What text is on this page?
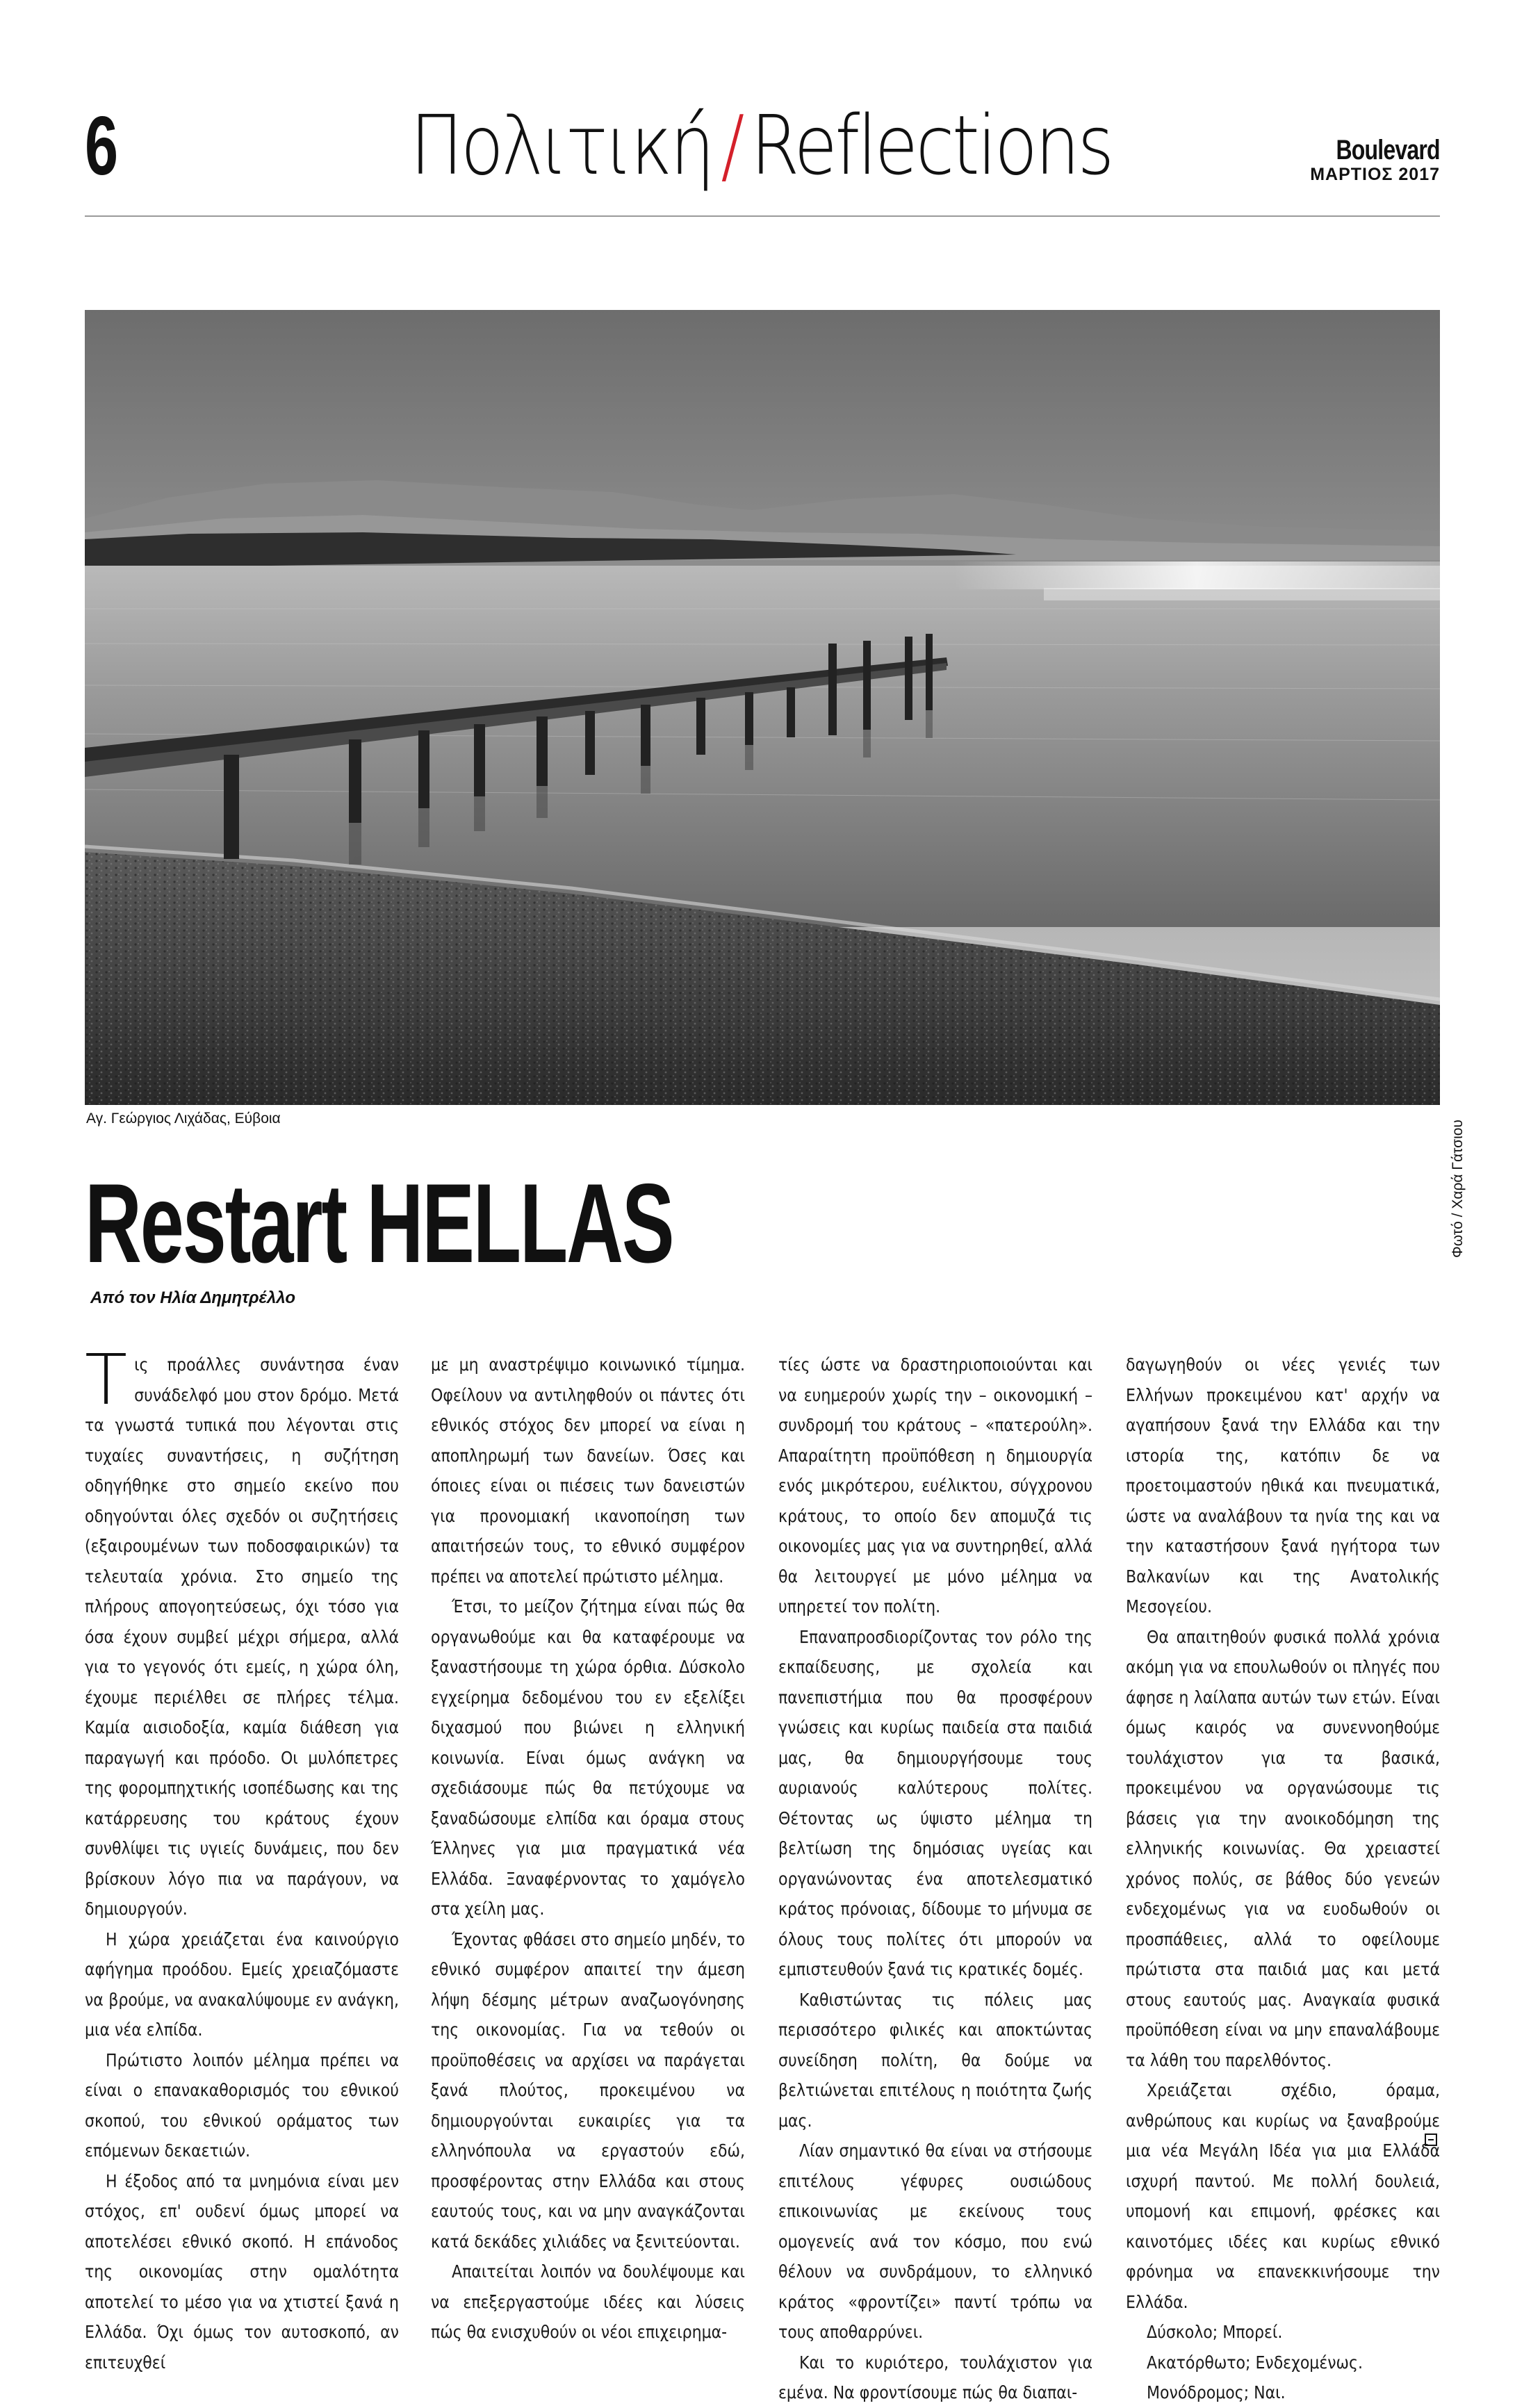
6	Πολιτική / Reflections	Boulevard
ΜΑΡΤΙΟΣ 2017
Αγ. Γεώργιος Λιχάδας, Εύβοια
Φωτό / Χαρά Γάτσιου
Restart HELLAS
Από τον Ηλία Δημητρέλλο

Τις προάλλες συνάντησα έναν συνάδελφό μου στον δρόμο. Μετά τα γνωστά τυπικά που λέγονται στις τυχαίες συναντήσεις, η συζήτηση οδηγήθηκε στο σημείο εκείνο που οδηγούνται όλες σχεδόν οι συζητήσεις (εξαιρουμένων των ποδοσφαιρικών) τα τελευταία χρόνια. Στο σημείο της πλήρους απογοητεύσεως, όχι τόσο για όσα έχουν συμβεί μέχρι σήμερα, αλλά για το γεγονός ότι εμείς, η χώρα όλη, έχουμε περιέλθει σε πλήρες τέλμα. Καμία αισιοδοξία, καμία διάθεση για παραγωγή και πρόοδο. Οι μυλόπετρες της φορομπηχτικής ισοπέδωσης και της κατάρρευσης του κράτους έχουν συνθλίψει τις υγιείς δυνάμεις, που δεν βρίσκουν λόγο πια να παράγουν, να δημιουργούν.

Η χώρα χρειάζεται ένα καινούργιο αφήγημα προόδου. Εμείς χρειαζόμαστε να βρούμε, να ανακαλύψουμε εν ανάγκη, μια νέα ελπίδα.

Πρώτιστο λοιπόν μέλημα πρέπει να είναι ο επανακαθορισμός του εθνικού σκοπού, του εθνικού οράματος των επόμενων δεκαετιών.

Η έξοδος από τα μνημόνια είναι μεν στόχος, επ' ουδενί όμως μπορεί να αποτελέσει εθνικό σκοπό. Η επάνοδος της οικονομίας στην ομαλότητα αποτελεί το μέσο για να χτιστεί ξανά η Ελλάδα. Όχι όμως τον αυτοσκοπό, αν επιτευχθεί

με μη αναστρέψιμο κοινωνικό τίμημα. Οφείλουν να αντιληφθούν οι πάντες ότι εθνικός στόχος δεν μπορεί να είναι η αποπληρωμή των δανείων. Όσες και όποιες είναι οι πιέσεις των δανειστών για προνομιακή ικανοποίηση των απαιτήσεών τους, το εθνικό συμφέρον πρέπει να αποτελεί πρώτιστο μέλημα.

Έτσι, το μείζον ζήτημα είναι πώς θα οργανωθούμε και θα καταφέρουμε να ξαναστήσουμε τη χώρα όρθια. Δύσκολο εγχείρημα δεδομένου του εν εξελίξει διχασμού που βιώνει η ελληνική κοινωνία. Είναι όμως ανάγκη να σχεδιάσουμε πώς θα πετύχουμε να ξαναδώσουμε ελπίδα και όραμα στους Έλληνες για μια πραγματικά νέα Ελλάδα. Ξαναφέρνοντας το χαμόγελο στα χείλη μας.

Έχοντας φθάσει στο σημείο μηδέν, το εθνικό συμφέρον απαιτεί την άμεση λήψη δέσμης μέτρων αναζωογόνησης της οικονομίας. Για να τεθούν οι προϋποθέσεις να αρχίσει να παράγεται ξανά πλούτος, προκειμένου να δημιουργούνται ευκαιρίες για τα ελληνόπουλα να εργαστούν εδώ, προσφέροντας στην Ελλάδα και στους εαυτούς τους, και να μην αναγκάζονται κατά δεκάδες χιλιάδες να ξενιτεύονται.

Απαιτείται λοιπόν να δουλέψουμε και να επεξεργαστούμε ιδέες και λύσεις πώς θα ενισχυθούν οι νέοι επιχειρημα-

τίες ώστε να δραστηριοποιούνται και να ευημερούν χωρίς την – οικονομική – συνδρομή του κράτους – «πατερούλη». Απαραίτητη προϋπόθεση η δημιουργία ενός μικρότερου, ευέλικτου, σύγχρονου κράτους, το οποίο δεν απομυζά τις οικονομίες μας για να συντηρηθεί, αλλά θα λειτουργεί με μόνο μέλημα να υπηρετεί τον πολίτη.

Επαναπροσδιορίζοντας τον ρόλο της εκπαίδευσης, με σχολεία και πανεπιστήμια που θα προσφέρουν γνώσεις και κυρίως παιδεία στα παιδιά μας, θα δημιουργήσουμε τους αυριανούς καλύτερους πολίτες. Θέτοντας ως ύψιστο μέλημα τη βελτίωση της δημόσιας υγείας και οργανώνοντας ένα αποτελεσματικό κράτος πρόνοιας, δίδουμε το μήνυμα σε όλους τους πολίτες ότι μπορούν να εμπιστευθούν ξανά τις κρατικές δομές.

Καθιστώντας τις πόλεις μας περισσότερο φιλικές και αποκτώντας συνείδηση πολίτη, θα δούμε να βελτιώνεται επιτέλους η ποιότητα ζωής μας.

Λίαν σημαντικό θα είναι να στήσουμε επιτέλους γέφυρες ουσιώδους επικοινωνίας με εκείνους τους ομογενείς ανά τον κόσμο, που ενώ θέλουν να συνδράμουν, το ελληνικό κράτος «φροντίζει» παντί τρόπω να τους αποθαρρύνει.

Και το κυριότερο, τουλάχιστον για εμένα. Να φροντίσουμε πώς θα διαπαι-

δαγωγηθούν οι νέες γενιές των Ελλήνων προκειμένου κατ' αρχήν να αγαπήσουν ξανά την Ελλάδα και την ιστορία της, κατόπιν δε να προετοιμαστούν ηθικά και πνευματικά, ώστε να αναλάβουν τα ηνία της και να την καταστήσουν ξανά ηγήτορα των Βαλκανίων και της Ανατολικής Μεσογείου.

Θα απαιτηθούν φυσικά πολλά χρόνια ακόμη για να επουλωθούν οι πληγές που άφησε η λαίλαπα αυτών των ετών. Είναι όμως καιρός να συνεννοηθούμε τουλάχιστον για τα βασικά, προκειμένου να οργανώσουμε τις βάσεις για την ανοικοδόμηση της ελληνικής κοινωνίας. Θα χρειαστεί χρόνος πολύς, σε βάθος δύο γενεών ενδεχομένως για να ευοδωθούν οι προσπάθειες, αλλά το οφείλουμε πρώτιστα στα παιδιά μας και μετά στους εαυτούς μας. Αναγκαία φυσικά προϋπόθεση είναι να μην επαναλάβουμε τα λάθη του παρελθόντος.

Χρειάζεται σχέδιο, όραμα, ανθρώπους και κυρίως να ξαναβρούμε μια νέα Μεγάλη Ιδέα για μια Ελλάδα ισχυρή παντού. Με πολλή δουλειά, υπομονή και επιμονή, φρέσκες και καινοτόμες ιδέες και κυρίως εθνικό φρόνημα να επανεκκινήσουμε την Ελλάδα.

Δύσκολο; Μπορεί.

Ακατόρθωτο; Ενδεχομένως.

Μονόδρομος; Ναι.
